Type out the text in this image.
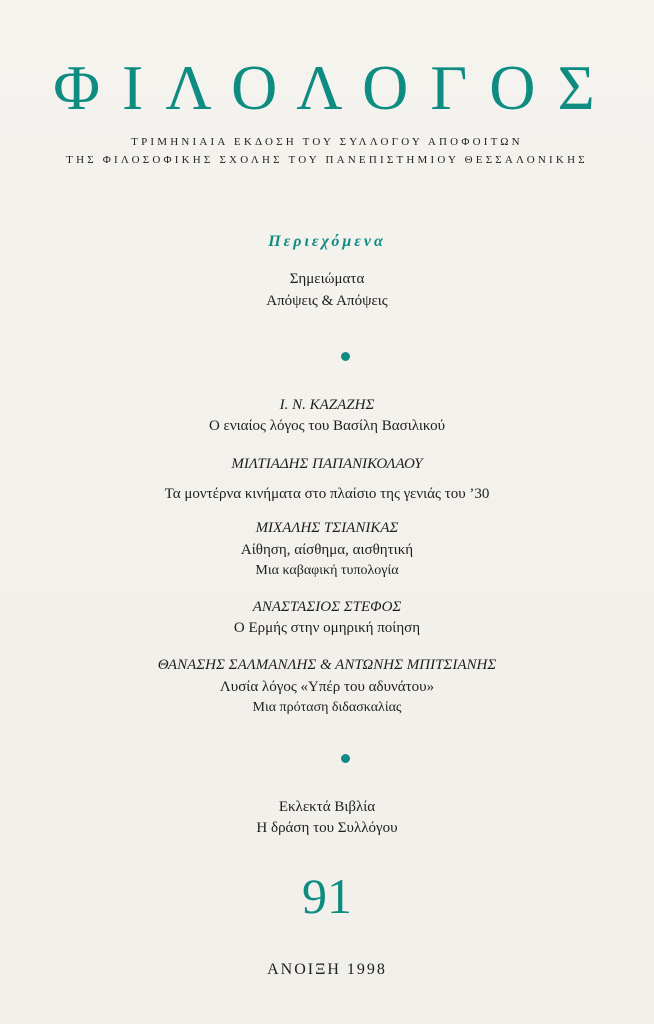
ΦΙΛΟΛΟΓΟΣ
ΤΡΙΜΗΝΙΑΙΑ ΕΚΔΟΣΗ ΤΟΥ ΣΥΛΛΟΓΟΥ ΑΠΟΦΟΙΤΩΝ
ΤΗΣ ΦΙΛΟΣΟΦΙΚΗΣ ΣΧΟΛΗΣ ΤΟΥ ΠΑΝΕΠΙΣΤΗΜΙΟΥ ΘΕΣΣΑΛΟΝΙΚΗΣ
Περιεχόμενα
Σημειώματα
Απόψεις & Απόψεις
Ι. Ν. ΚΑΖΑΖΗΣ
Ο ενιαίος λόγος του Βασίλη Βασιλικού
ΜΙΛΤΙΑΔΗΣ ΠΑΠΑΝΙΚΟΛΑΟΥ
Τα μοντέρνα κινήματα στο πλαίσιο της γενιάς του ’30
ΜΙΧΑΛΗΣ ΤΣΙΑΝΙΚΑΣ
Αίθηση, αίσθημα, αισθητική
Μια καβαφική τυπολογία
ΑΝΑΣΤΑΣΙΟΣ ΣΤΕΦΟΣ
Ο Ερμής στην ομηρική ποίηση
ΘΑΝΑΣΗΣ ΣΑΛΜΑΝΛΗΣ & ΑΝΤΩΝΗΣ ΜΠΙΤΣΙΑΝΗΣ
Λυσία λόγος «Υπέρ του αδυνάτου»
Μια πρόταση διδασκαλίας
Εκλεκτά Βιβλία
Η δράση του Συλλόγου
91
ΑΝΟΙΞΗ 1998
